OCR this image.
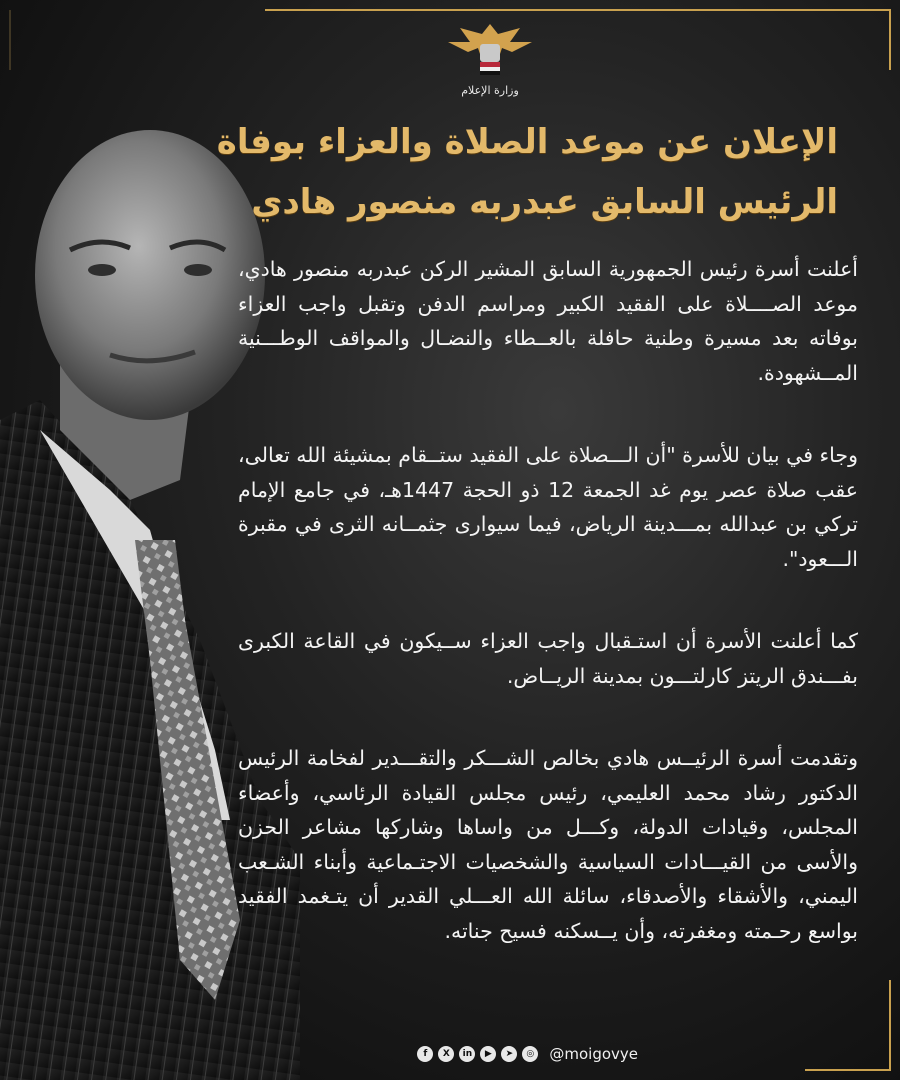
وزارة الإعلام
الإعلان عن موعد الصلاة والعزاء بوفاة
الرئيس السابق عبدربه منصور هادي

أعلنت أسرة رئيس الجمهورية السابق المشير الركن عبدربه منصور هادي، موعد الصــــلاة على الفقيد الكبير ومراسم الدفن وتقبل واجب العزاء بوفاته بعد مسيرة وطنية حافلة بالعــطاء والنضـال والمواقف الوطـــنية المــشهودة.

وجاء في بيان للأسرة "أن الـــصلاة على الفقيد ستــقام بمشيئة الله تعالى، عقب صلاة عصر يوم غد الجمعة 12 ذو الحجة 1447هـ، في جامع الإمام تركي بن عبدالله بمـــدينة الرياض، فيما سيوارى جثمــانه الثرى في مقبرة الـــعود".

كما أعلنت الأسرة أن استـقبال واجب العزاء ســيكون في القاعة الكبرى بفـــندق الريتز كارلتـــون بمدينة الريــاض.

وتقدمت أسرة الرئيــس هادي بخالص الشـــكر والتقـــدير لفخامة الرئيس الدكتور رشاد محمد العليمي، رئيس مجلس القيادة الرئاسي، وأعضاء المجلس، وقيادات الدولة، وكـــل من واساها وشاركها مشاعر الحزن والأسى من القيـــادات السياسية والشخصيات الاجتـماعية وأبناء الشـعب اليمني، والأشقاء والأصدقاء، سائلة الله العـــلي القدير أن يتـغمد الفقيد بواسع رحـمته ومغفرته، وأن يــسكنه فسيح جناته.

f	X	in	▶	➤	◎ @moigovye
